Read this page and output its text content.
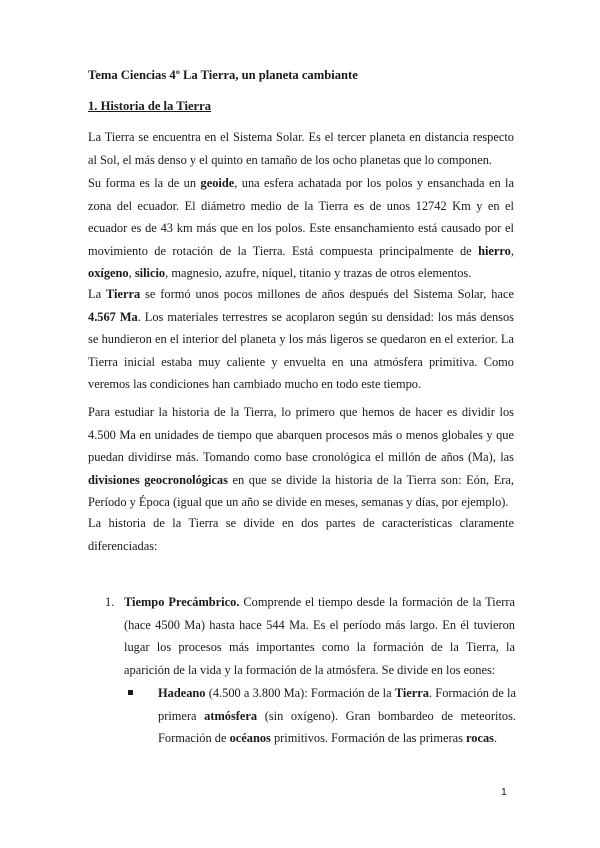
Tema Ciencias 4º La Tierra, un planeta cambiante
1. Historia de la Tierra
La Tierra se encuentra en el Sistema Solar. Es el tercer planeta en distancia respecto al Sol, el más denso y el quinto en tamaño de los ocho planetas que lo componen.
Su forma es la de un geoide, una esfera achatada por los polos y ensanchada en la zona del ecuador. El diámetro medio de la Tierra es de unos 12742 Km y en el ecuador es de 43 km más que en los polos. Este ensanchamiento está causado por el movimiento de rotación de la Tierra. Está compuesta principalmente de hierro, oxígeno, silicio, magnesio, azufre, níquel, titanio y trazas de otros elementos.
La Tierra se formó unos pocos millones de años después del Sistema Solar, hace 4.567 Ma. Los materiales terrestres se acoplaron según su densidad: los más densos se hundieron en el interior del planeta y los más ligeros se quedaron en el exterior. La Tierra inicial estaba muy caliente y envuelta en una atmósfera primitiva. Como veremos las condiciones han cambiado mucho en todo este tiempo.
Para estudiar la historia de la Tierra, lo primero que hemos de hacer es dividir los 4.500 Ma en unidades de tiempo que abarquen procesos más o menos globales y que puedan dividirse más. Tomando como base cronológica el millón de años (Ma), las divisiones geocronológicas en que se divide la historia de la Tierra son: Eón, Era, Período y Época (igual que un año se divide en meses, semanas y días, por ejemplo).
La historia de la Tierra se divide en dos partes de características claramente diferenciadas:
1. Tiempo Precámbrico. Comprende el tiempo desde la formación de la Tierra (hace 4500 Ma) hasta hace 544 Ma. Es el período más largo. En él tuvieron lugar los procesos más importantes como la formación de la Tierra, la aparición de la vida y la formación de la atmósfera. Se divide en los eones:
Hadeano (4.500 a 3.800 Ma): Formación de la Tierra. Formación de la primera atmósfera (sin oxígeno). Gran bombardeo de meteoritos. Formación de océanos primitivos. Formación de las primeras rocas.
1
